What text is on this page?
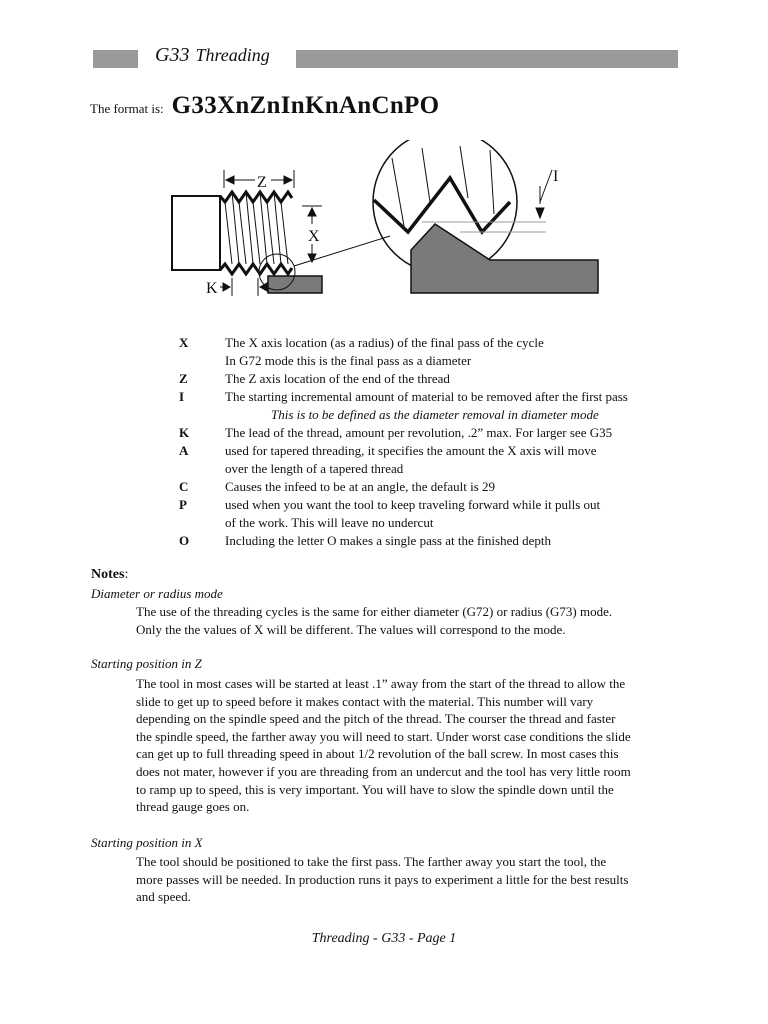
G33 Threading
The format is: G33XnZnInKnAnCnPO
Z
X
K
I
X	The X axis location (as a radius) of the final pass of the cycle
In G72 mode this is the final pass as a diameter
Z	The Z axis location of the end of the thread
I	The starting incremental amount of material to be removed after the first pass
This is to be defined as the diameter removal in diameter mode
K	The lead of the thread, amount per revolution, .2” max. For larger see G35
A	used for tapered threading, it specifies the amount the X axis will move
over the length of a tapered thread
C	Causes the infeed to be at an angle, the default is 29
P	used when you want the tool to keep traveling forward while it pulls out
of the work. This will leave no undercut
O	Including the letter O makes a single pass at the finished depth
Notes:
Diameter or radius mode
The use of the threading cycles is the same for either diameter (G72) or radius (G73) mode.
Only the the values of X will be different. The values will correspond to the mode.
Starting position in Z
The tool in most cases will be started at least .1” away from the start of the thread to allow the
slide to get up to speed before it makes contact with the material. This number will vary
depending on the spindle speed and the pitch of the thread. The courser the thread and faster
the spindle speed, the farther away you will need to start. Under worst case conditions the slide
can get up to full threading speed in about 1/2 revolution of the ball screw. In most cases this
does not mater, however if you are threading from an undercut and the tool has very little room
to ramp up to speed, this is very important. You will have to slow the spindle down until the
thread gauge goes on.
Starting position in X
The tool should be positioned to take the first pass. The farther away you start the tool, the
more passes will be needed. In production runs it pays to experiment a little for the best results
and speed.
Threading - G33 - Page 1
